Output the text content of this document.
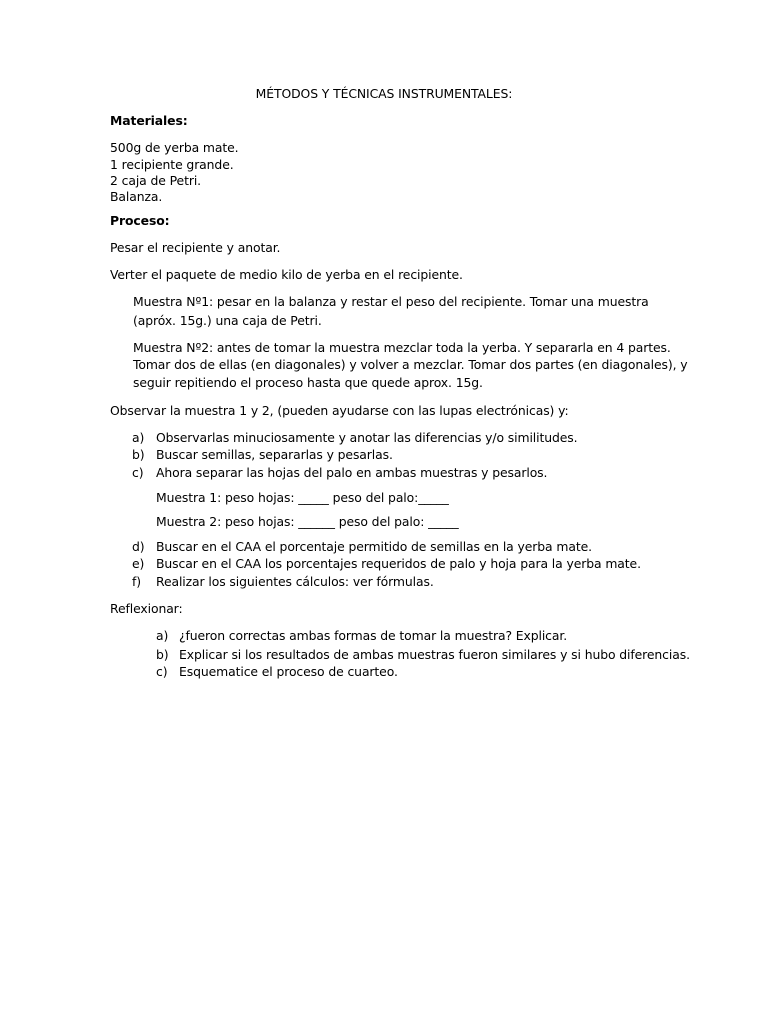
MÉTODOS Y TÉCNICAS INSTRUMENTALES:
Materiales:
500g de yerba mate.
1 recipiente grande.
2 caja de Petri.
Balanza.
Proceso:
Pesar el recipiente y anotar.
Verter el paquete de medio kilo de yerba en el recipiente.
Muestra Nº1: pesar en la balanza y restar el peso del recipiente. Tomar una muestra
(apróx. 15g.) una caja de Petri.
Muestra Nº2: antes de tomar la muestra mezclar toda la yerba. Y separarla en 4 partes.
Tomar dos de ellas (en diagonales) y volver a mezclar. Tomar dos partes (en diagonales), y
seguir repitiendo el proceso hasta que quede aprox. 15g.
Observar la muestra 1 y 2, (pueden ayudarse con las lupas electrónicas) y:
a) Observarlas minuciosamente y anotar las diferencias y/o similitudes.
b) Buscar semillas, separarlas y pesarlas.
c) Ahora separar las hojas del palo en ambas muestras y pesarlos.
Muestra 1: peso hojas: _____ peso del palo:_____
Muestra 2: peso hojas: ______ peso del palo: _____
d) Buscar en el CAA el porcentaje permitido de semillas en la yerba mate.
e) Buscar en el CAA los porcentajes requeridos de palo y hoja para la yerba mate.
f) Realizar los siguientes cálculos: ver fórmulas.
Reflexionar:
a) ¿fueron correctas ambas formas de tomar la muestra? Explicar.
b) Explicar si los resultados de ambas muestras fueron similares y si hubo diferencias.
c) Esquematice el proceso de cuarteo.
